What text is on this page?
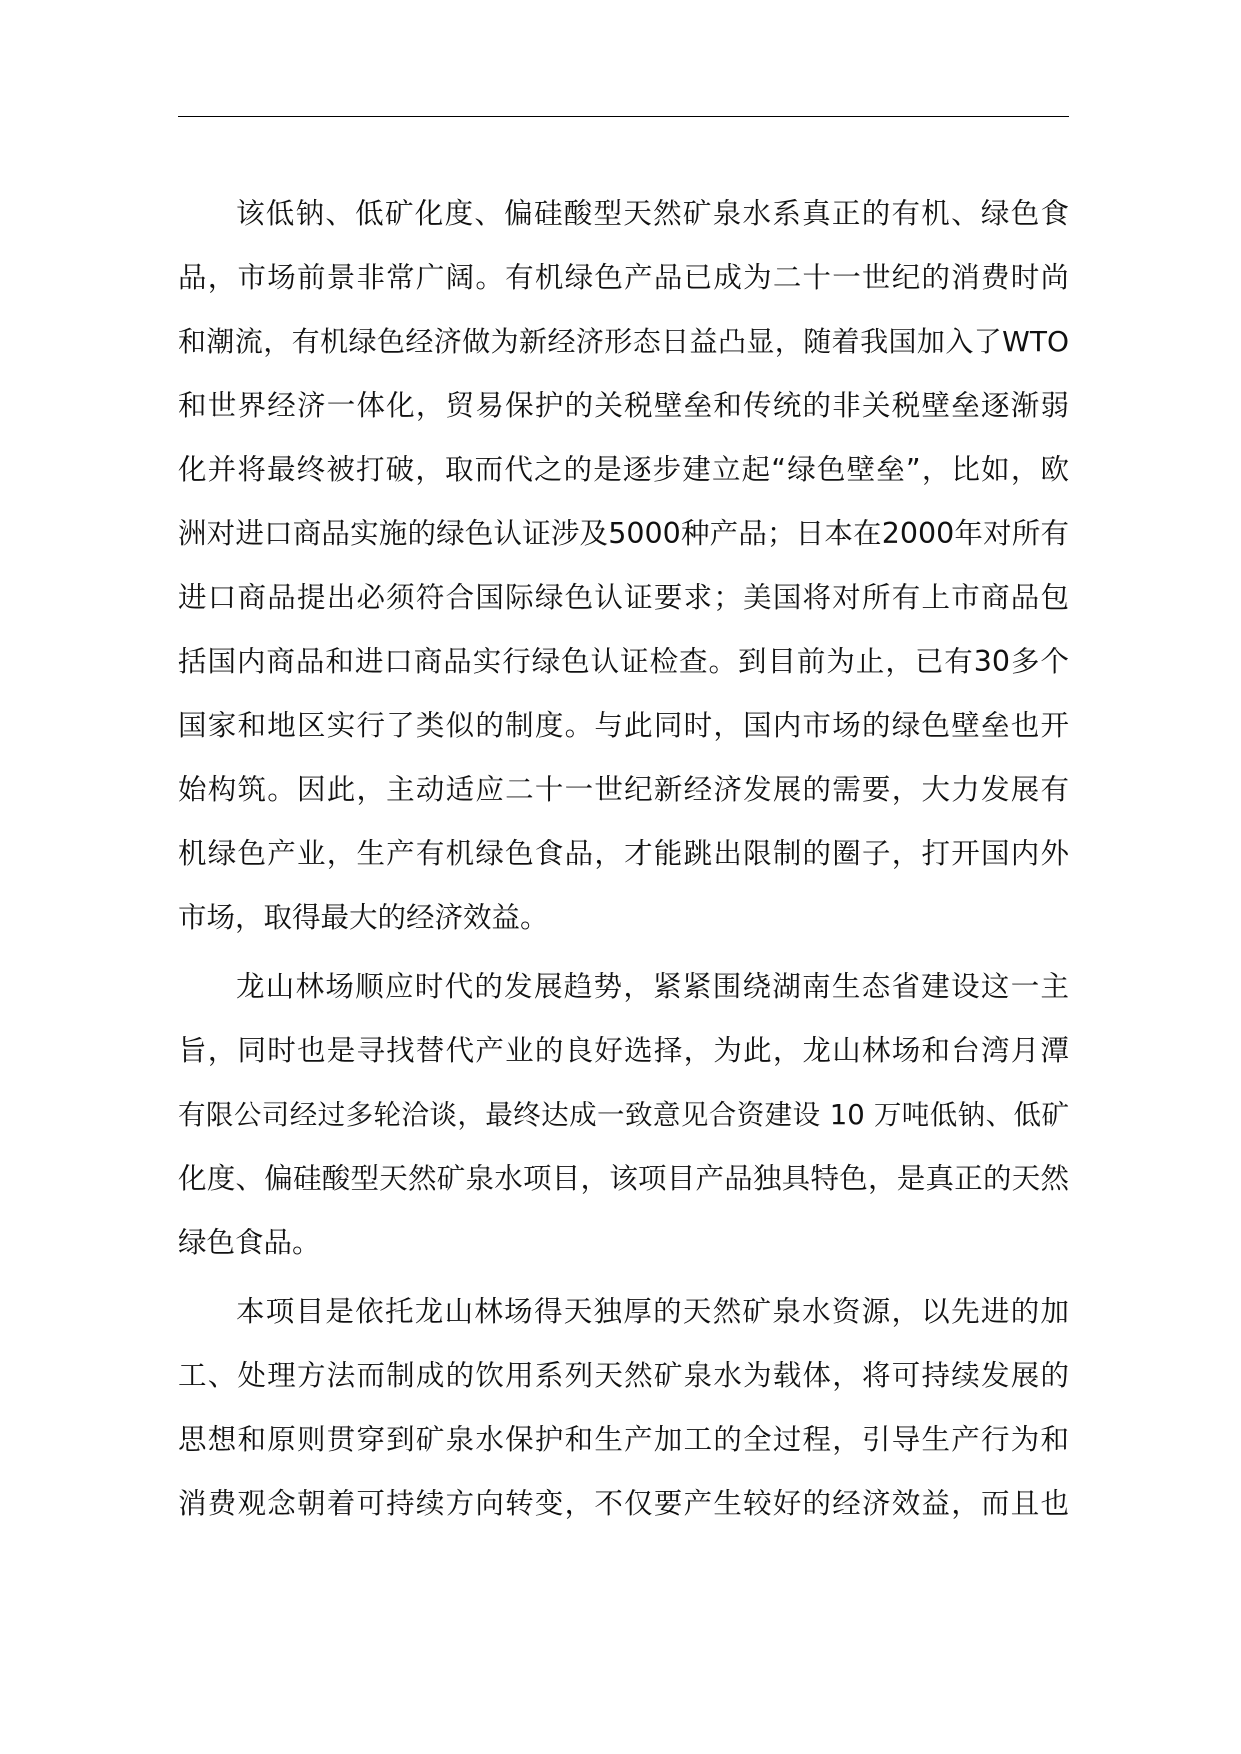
该低钠、低矿化度、偏硅酸型天然矿泉水系真正的有机、绿色食
品，市场前景非常广阔。有机绿色产品已成为二十一世纪的消费时尚
和潮流，有机绿色经济做为新经济形态日益凸显，随着我国加入了WTO
和世界经济一体化，贸易保护的关税壁垒和传统的非关税壁垒逐渐弱
化并将最终被打破，取而代之的是逐步建立起“绿色壁垒”，比如，欧
洲对进口商品实施的绿色认证涉及5000种产品；日本在2000年对所有
进口商品提出必须符合国际绿色认证要求；美国将对所有上市商品包
括国内商品和进口商品实行绿色认证检查。到目前为止，已有30多个
国家和地区实行了类似的制度。与此同时，国内市场的绿色壁垒也开
始构筑。因此，主动适应二十一世纪新经济发展的需要，大力发展有
机绿色产业，生产有机绿色食品，才能跳出限制的圈子，打开国内外
市场，取得最大的经济效益。
龙山林场顺应时代的发展趋势，紧紧围绕湖南生态省建设这一主
旨，同时也是寻找替代产业的良好选择，为此，龙山林场和台湾月潭
有限公司经过多轮洽谈，最终达成一致意见合资建设 10 万吨低钠、低矿
化度、偏硅酸型天然矿泉水项目，该项目产品独具特色，是真正的天然
绿色食品。
本项目是依托龙山林场得天独厚的天然矿泉水资源，以先进的加
工、处理方法而制成的饮用系列天然矿泉水为载体，将可持续发展的
思想和原则贯穿到矿泉水保护和生产加工的全过程，引导生产行为和
消费观念朝着可持续方向转变，不仅要产生较好的经济效益，而且也
